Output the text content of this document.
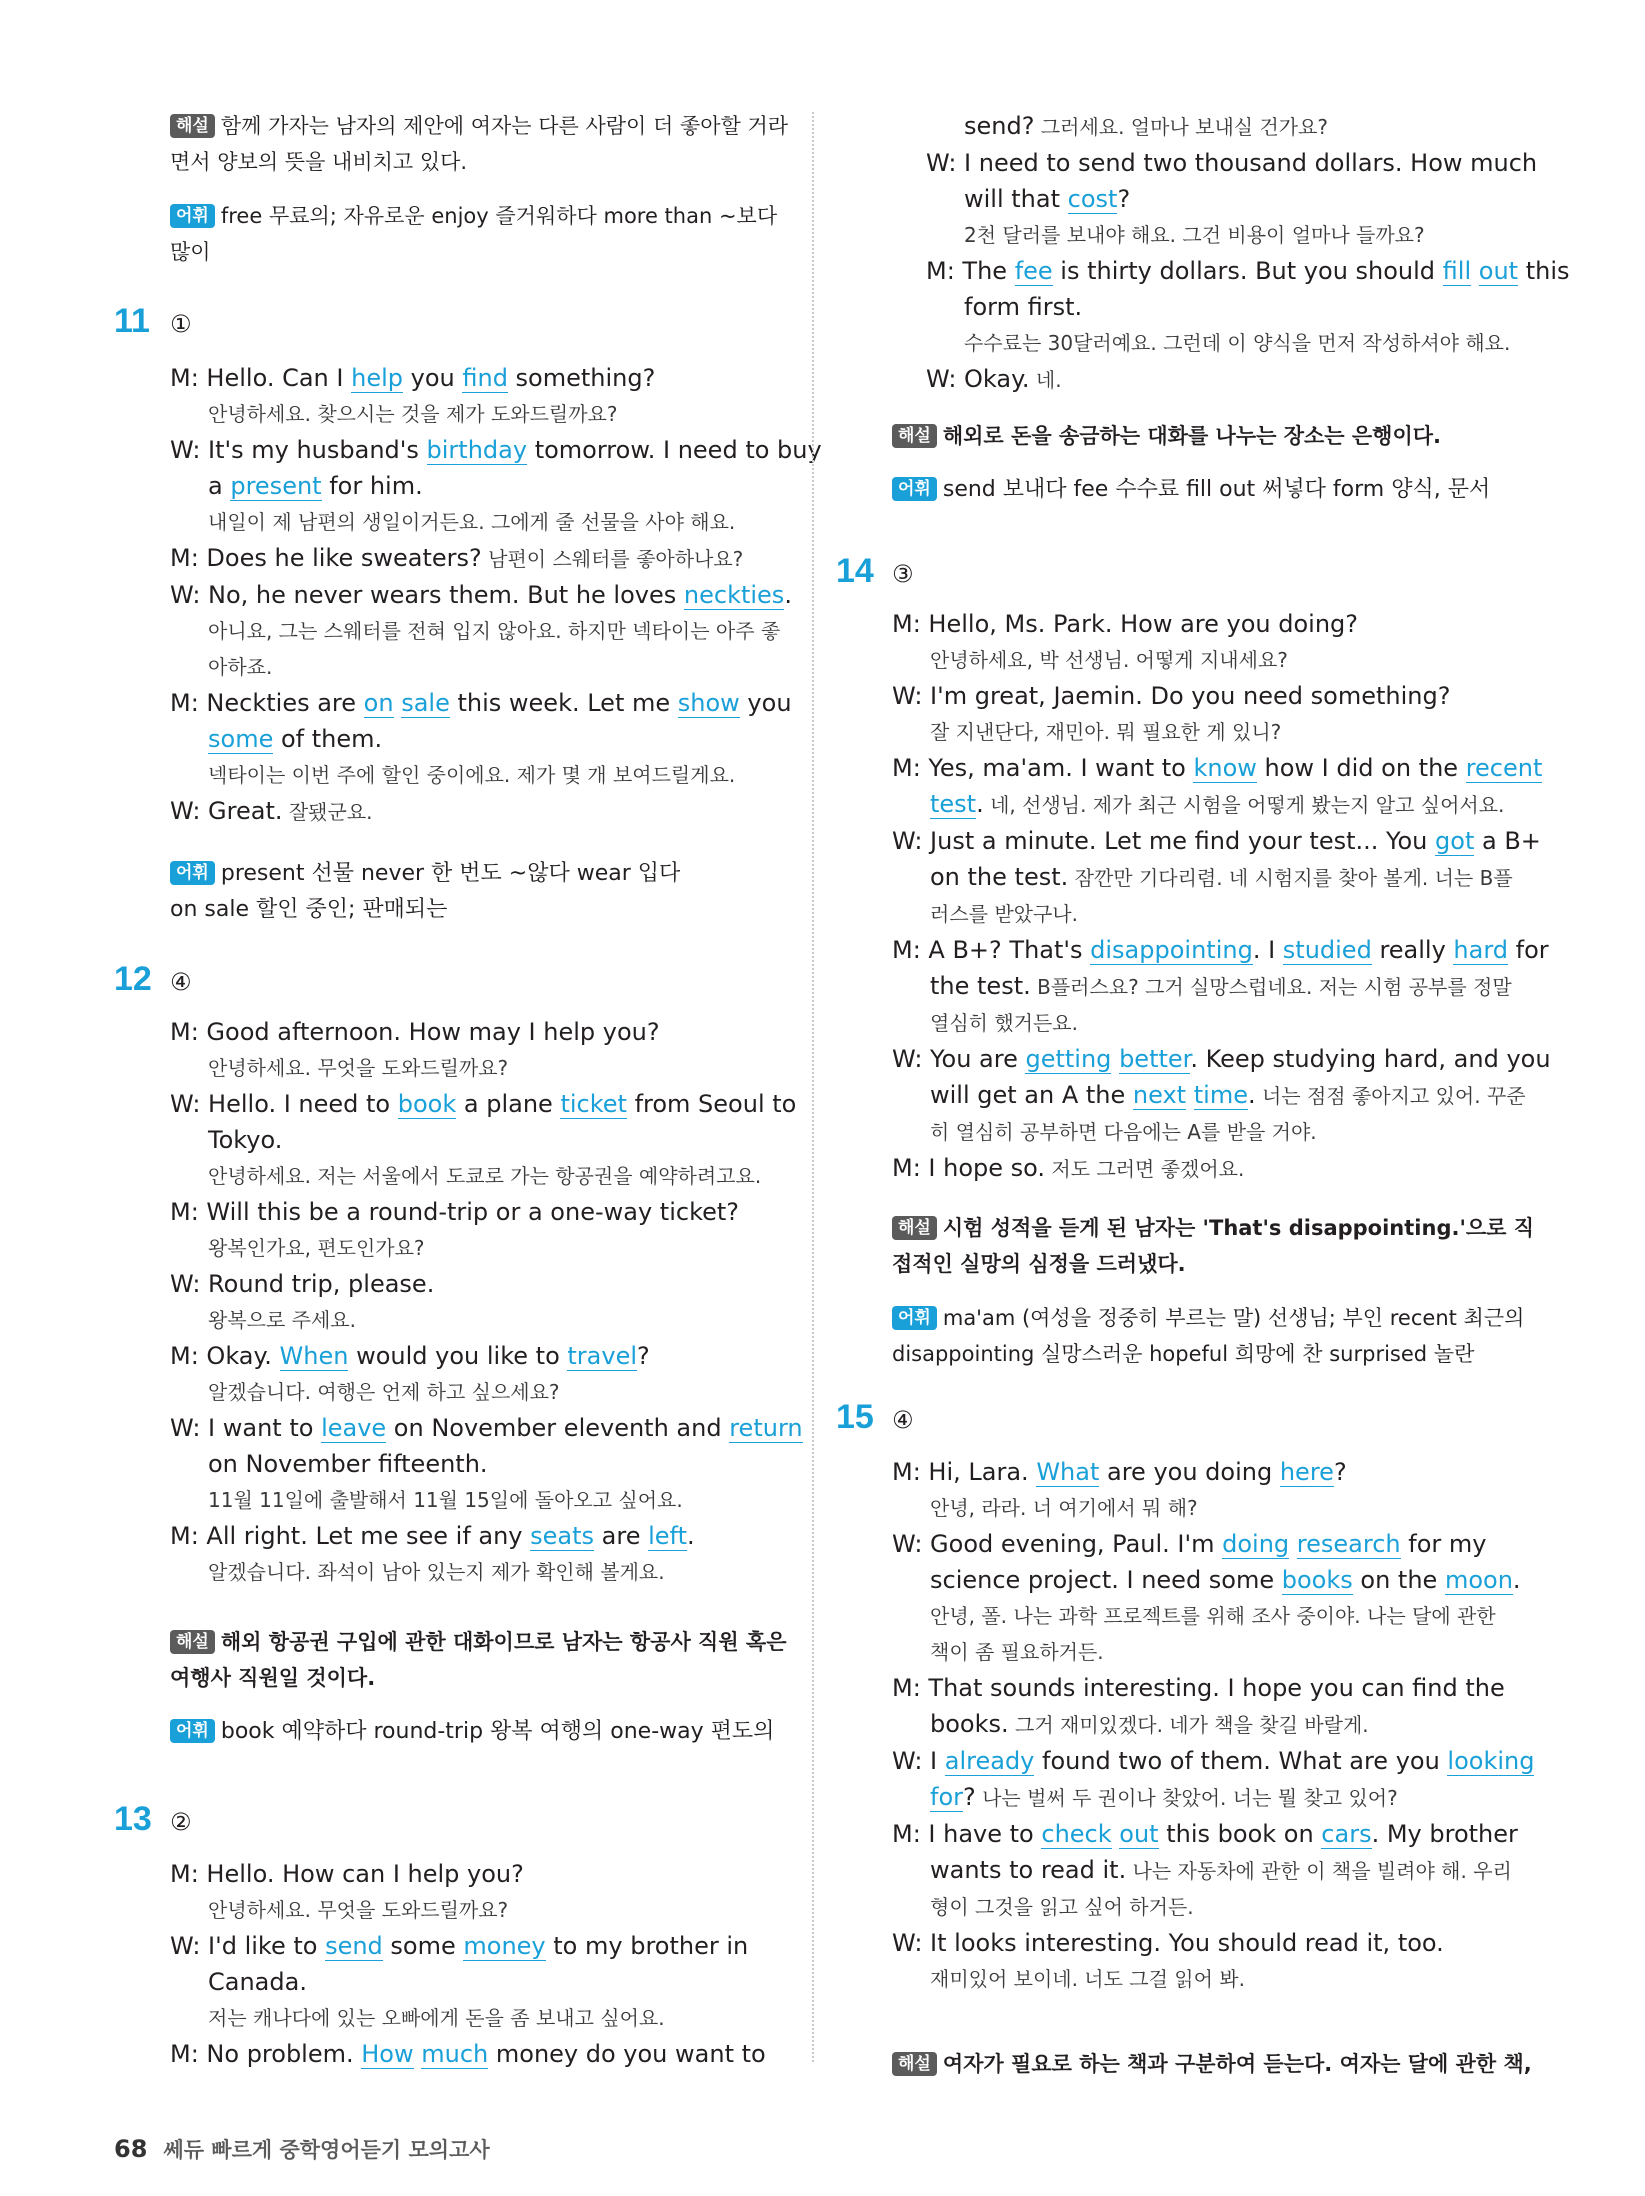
해설 함께 가자는 남자의 제안에 여자는 다른 사람이 더 좋아할 거라
면서 양보의 뜻을 내비치고 있다.
어휘 free 무료의; 자유로운 enjoy 즐거워하다 more than ~보다
많이
11 ①
M: Hello. Can I help you find something?
안녕하세요. 찾으시는 것을 제가 도와드릴까요?
W: It's my husband's birthday tomorrow. I need to buy
a present for him.
내일이 제 남편의 생일이거든요. 그에게 줄 선물을 사야 해요.
M: Does he like sweaters? 남편이 스웨터를 좋아하나요?
W: No, he never wears them. But he loves neckties.
아니요, 그는 스웨터를 전혀 입지 않아요. 하지만 넥타이는 아주 좋
아하죠.
M: Neckties are on sale this week. Let me show you
some of them.
넥타이는 이번 주에 할인 중이에요. 제가 몇 개 보여드릴게요.
W: Great. 잘됐군요.
어휘 present 선물 never 한 번도 ~않다 wear 입다
on sale 할인 중인; 판매되는
12 ④
M: Good afternoon. How may I help you?
안녕하세요. 무엇을 도와드릴까요?
W: Hello. I need to book a plane ticket from Seoul to
Tokyo.
안녕하세요. 저는 서울에서 도쿄로 가는 항공권을 예약하려고요.
M: Will this be a round-trip or a one-way ticket?
왕복인가요, 편도인가요?
W: Round trip, please.
왕복으로 주세요.
M: Okay. When would you like to travel?
알겠습니다. 여행은 언제 하고 싶으세요?
W: I want to leave on November eleventh and return
on November fifteenth.
11월 11일에 출발해서 11월 15일에 돌아오고 싶어요.
M: All right. Let me see if any seats are left.
알겠습니다. 좌석이 남아 있는지 제가 확인해 볼게요.
해설 해외 항공권 구입에 관한 대화이므로 남자는 항공사 직원 혹은
여행사 직원일 것이다.
어휘 book 예약하다 round-trip 왕복 여행의 one-way 편도의
13 ②
M: Hello. How can I help you?
안녕하세요. 무엇을 도와드릴까요?
W: I'd like to send some money to my brother in
Canada.
저는 캐나다에 있는 오빠에게 돈을 좀 보내고 싶어요.
M: No problem. How much money do you want to
send? 그러세요. 얼마나 보내실 건가요?
W: I need to send two thousand dollars. How much
will that cost?
2천 달러를 보내야 해요. 그건 비용이 얼마나 들까요?
M: The fee is thirty dollars. But you should fill out this
form first.
수수료는 30달러예요. 그런데 이 양식을 먼저 작성하셔야 해요.
W: Okay. 네.
해설 해외로 돈을 송금하는 대화를 나누는 장소는 은행이다.
어휘 send 보내다 fee 수수료 fill out 써넣다 form 양식, 문서
14 ③
M: Hello, Ms. Park. How are you doing?
안녕하세요, 박 선생님. 어떻게 지내세요?
W: I'm great, Jaemin. Do you need something?
잘 지낸단다, 재민아. 뭐 필요한 게 있니?
M: Yes, ma'am. I want to know how I did on the recent
test. 네, 선생님. 제가 최근 시험을 어떻게 봤는지 알고 싶어서요.
W: Just a minute. Let me find your test... You got a B+
on the test. 잠깐만 기다리렴. 네 시험지를 찾아 볼게. 너는 B플
러스를 받았구나.
M: A B+? That's disappointing. I studied really hard for
the test. B플러스요? 그거 실망스럽네요. 저는 시험 공부를 정말
열심히 했거든요.
W: You are getting better. Keep studying hard, and you
will get an A the next time. 너는 점점 좋아지고 있어. 꾸준
히 열심히 공부하면 다음에는 A를 받을 거야.
M: I hope so. 저도 그러면 좋겠어요.
해설 시험 성적을 듣게 된 남자는 'That's disappointing.'으로 직
접적인 실망의 심정을 드러냈다.
어휘 ma'am (여성을 정중히 부르는 말) 선생님; 부인 recent 최근의
disappointing 실망스러운 hopeful 희망에 찬 surprised 놀란
15 ④
M: Hi, Lara. What are you doing here?
안녕, 라라. 너 여기에서 뭐 해?
W: Good evening, Paul. I'm doing research for my
science project. I need some books on the moon.
안녕, 폴. 나는 과학 프로젝트를 위해 조사 중이야. 나는 달에 관한
책이 좀 필요하거든.
M: That sounds interesting. I hope you can find the
books. 그거 재미있겠다. 네가 책을 찾길 바랄게.
W: I already found two of them. What are you looking
for? 나는 벌써 두 권이나 찾았어. 너는 뭘 찾고 있어?
M: I have to check out this book on cars. My brother
wants to read it. 나는 자동차에 관한 이 책을 빌려야 해. 우리
형이 그것을 읽고 싶어 하거든.
W: It looks interesting. You should read it, too.
재미있어 보이네. 너도 그걸 읽어 봐.
해설 여자가 필요로 하는 책과 구분하여 듣는다. 여자는 달에 관한 책,
68 쎄듀 빠르게 중학영어듣기 모의고사
